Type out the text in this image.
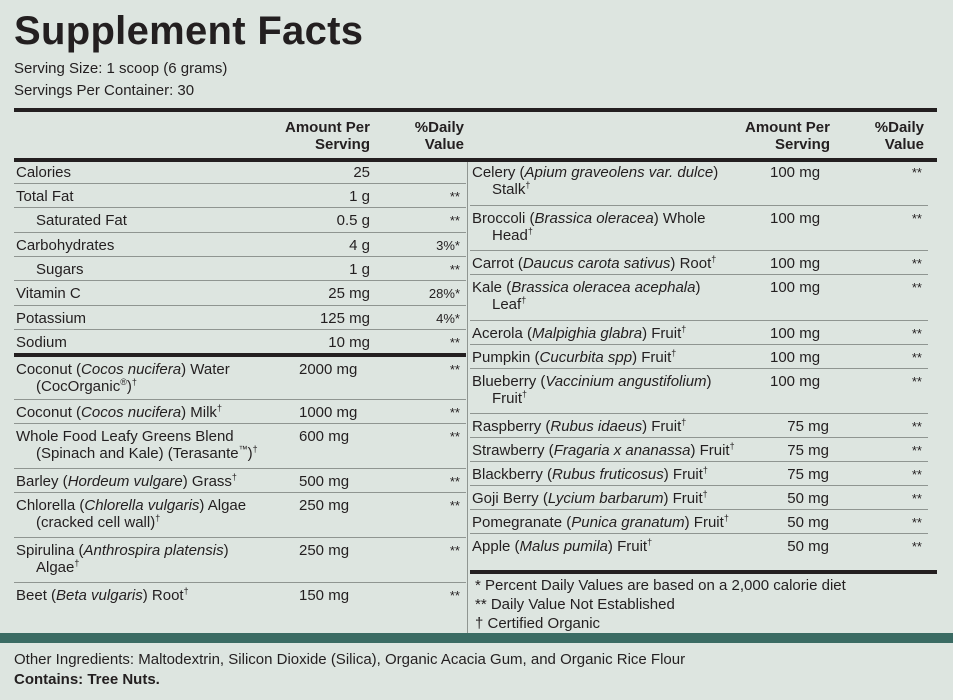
Supplement Facts
Serving Size: 1 scoop (6 grams)
Servings Per Container: 30
Amount Per
Serving
%Daily
Value
Calories	25
Total Fat	1 g	**
Saturated Fat	0.5 g	**
Carbohydrates	4 g	3%*
Sugars	1 g	**
Vitamin C	25 mg	28%*
Potassium	125 mg	4%*
Sodium	10 mg	**
Coconut (Cocos nucifera) Water
(CocOrganic®)†
2000 mg	**
Coconut (Cocos nucifera) Milk†	1000 mg	**
Whole Food Leafy Greens Blend
(Spinach and Kale) (Terasante™)†
600 mg	**
Barley (Hordeum vulgare) Grass†	500 mg	**
Chlorella (Chlorella vulgaris) Algae
(cracked cell wall)†
250 mg	**
Spirulina (Anthrospira platensis)
Algae†
250 mg	**
Beet (Beta vulgaris) Root†	150 mg	**
Amount Per
Serving
%Daily
Value
Celery (Apium graveolens var. dulce)
Stalk†
100 mg	**
Broccoli (Brassica oleracea) Whole
Head†
100 mg	**
Carrot (Daucus carota sativus) Root†	100 mg	**
Kale (Brassica oleracea acephala)
Leaf†
100 mg	**
Acerola (Malpighia glabra) Fruit†	100 mg	**
Pumpkin (Cucurbita spp) Fruit†	100 mg	**
Blueberry (Vaccinium angustifolium)
Fruit†
100 mg	**
Raspberry (Rubus idaeus) Fruit†	75 mg	**
Strawberry (Fragaria x ananassa) Fruit†	75 mg	**
Blackberry (Rubus fruticosus) Fruit†	75 mg	**
Goji Berry (Lycium barbarum) Fruit†	50 mg	**
Pomegranate (Punica granatum) Fruit†	50 mg	**
Apple (Malus pumila) Fruit†	50 mg	**
* Percent Daily Values are based on a 2,000 calorie diet
** Daily Value Not Established
† Certified Organic
Other Ingredients: Maltodextrin, Silicon Dioxide (Silica), Organic Acacia Gum, and Organic Rice Flour
Contains: Tree Nuts.
